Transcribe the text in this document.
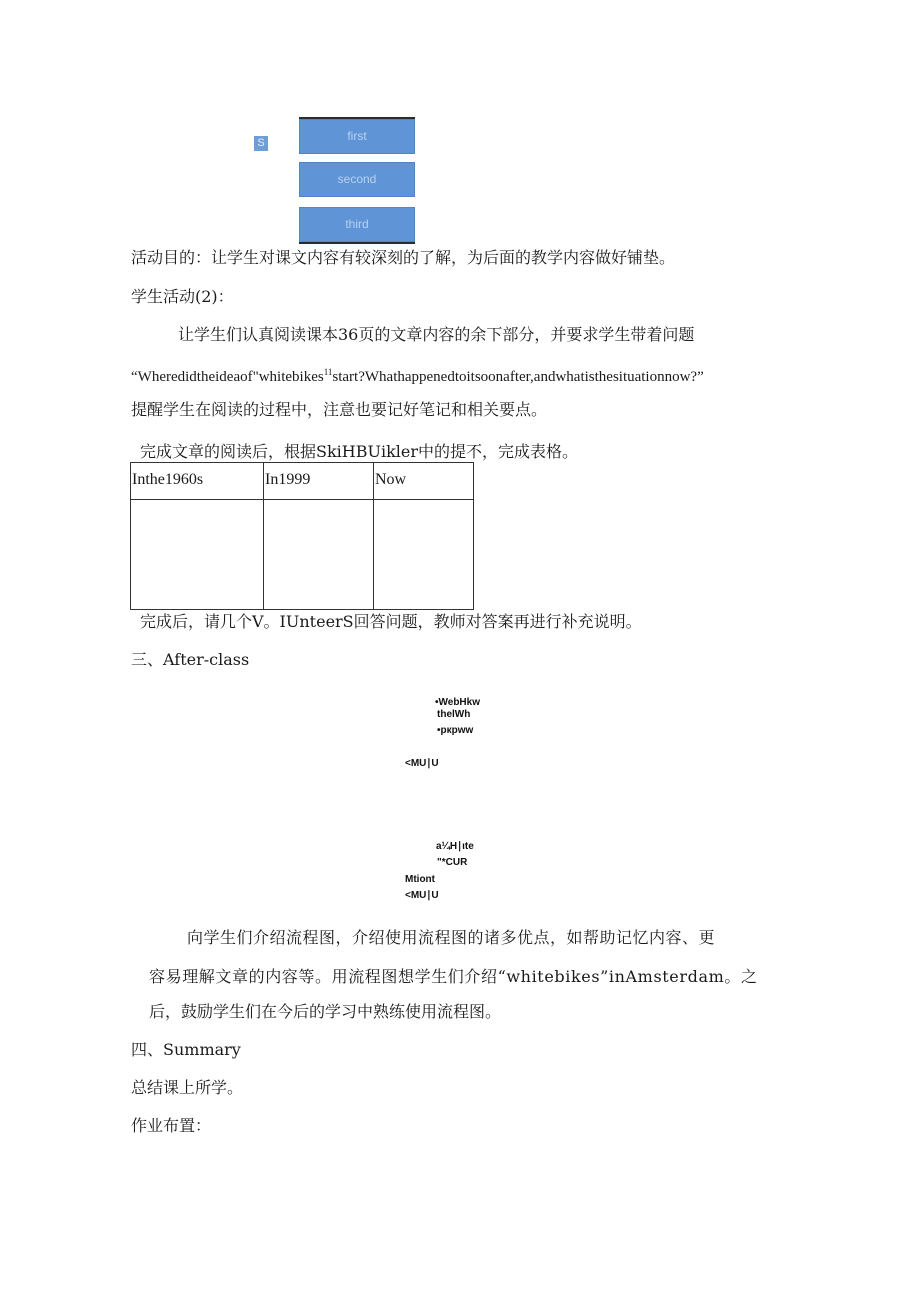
S	first
second
third
活动目的：让学生对课文内容有较深刻的了解，为后面的教学内容做好铺垫。
学生活动(2)：
让学生们认真阅读课本36页的文章内容的余下部分，并要求学生带着问题
“Wheredidtheideaof"whitebikes$^{11}$start?Whathappenedtoitsoonafter,andwhatisthesituationnow?”
提醒学生在阅读的过程中，注意也要记好笔记和相关要点。
完成文章的阅读后，根据SkiHBUikler中的提不，完成表格。
Inthe1960s	In1999	Now

完成后，请几个V。IUnteerS回答问题，教师对答案再进行补充说明。
三、After-class
•WebHkw
thelWh
•pкpww
<MU∣U
a¼H∣ιte
"*CUR
Mtiont
<MU∣U
向学生们介绍流程图，介绍使用流程图的诸多优点，如帮助记忆内容、更
容易理解文章的内容等。用流程图想学生们介绍“whitebikes”inAmsterdam。之
后，鼓励学生们在今后的学习中熟练使用流程图。
四、Summary
总结课上所学。
作业布置：
